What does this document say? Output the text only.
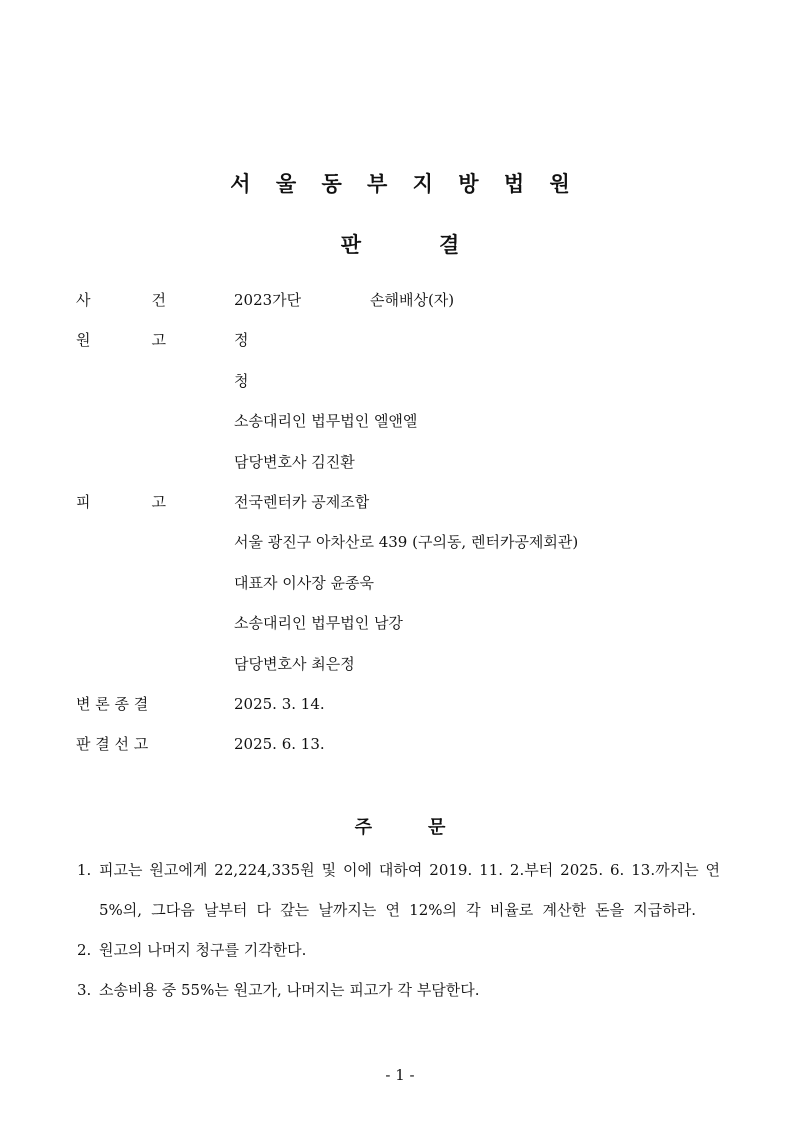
서 울 동 부 지 방 법 원
판	결
사	건	2023가단	손해배상(자)
원	고	정
청
소송대리인 법무법인 엘앤엘
담당변호사 김진환
피	고	전국렌터카 공제조합
서울 광진구 아차산로 439 (구의동, 렌터카공제회관)
대표자 이사장 윤종욱
소송대리인 법무법인 남강
담당변호사 최은정
변 론 종 결	2025. 3. 14.
판 결 선 고	2025. 6. 13.
주	문
1. 피고는 원고에게 22,224,335원 및 이에 대하여 2019. 11. 2.부터 2025. 6. 13.까지는 연
5%의, 그다음 날부터 다 갚는 날까지는 연 12%의 각 비율로 계산한 돈을 지급하라.
2. 원고의 나머지 청구를 기각한다.
3. 소송비용 중 55%는 원고가, 나머지는 피고가 각 부담한다.
- 1 -
